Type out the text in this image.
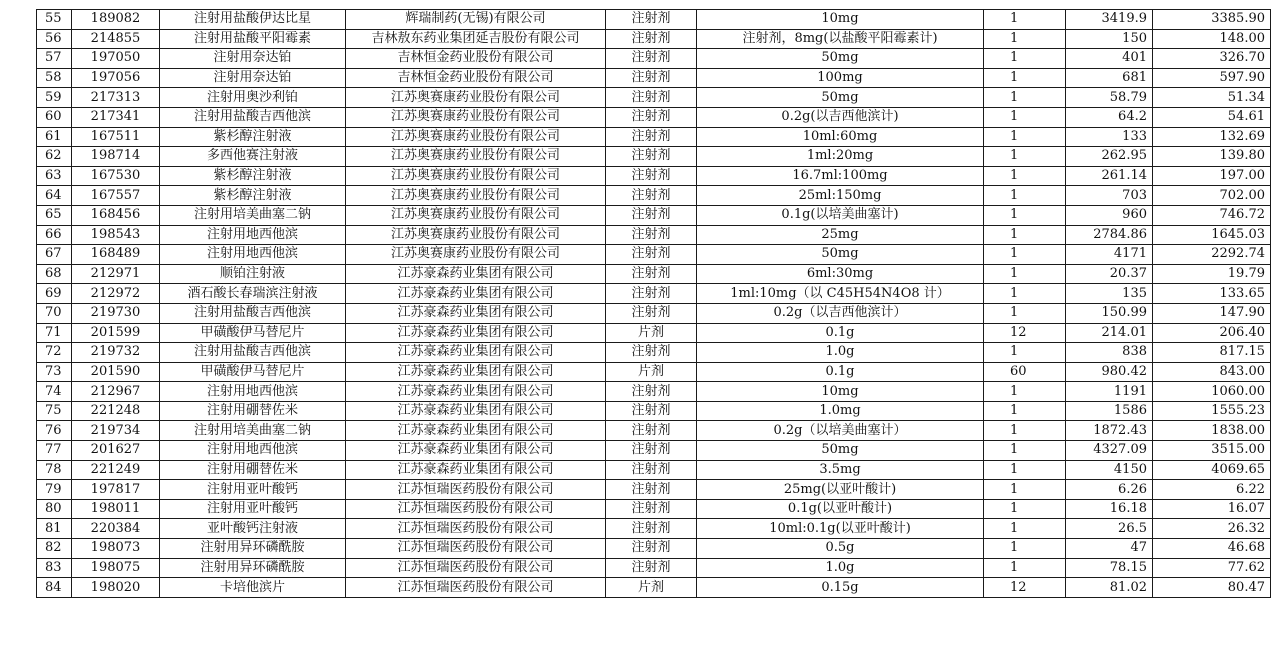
55	189082	注射用盐酸伊达比星	辉瑞制药(无锡)有限公司	注射剂	10mg	1	3419.9	3385.90
56	214855	注射用盐酸平阳霉素	吉林敖东药业集团延吉股份有限公司	注射剂	注射剂，8mg(以盐酸平阳霉素计)	1	150	148.00
57	197050	注射用奈达铂	吉林恒金药业股份有限公司	注射剂	50mg	1	401	326.70
58	197056	注射用奈达铂	吉林恒金药业股份有限公司	注射剂	100mg	1	681	597.90
59	217313	注射用奥沙利铂	江苏奥赛康药业股份有限公司	注射剂	50mg	1	58.79	51.34
60	217341	注射用盐酸吉西他滨	江苏奥赛康药业股份有限公司	注射剂	0.2g(以吉西他滨计)	1	64.2	54.61
61	167511	紫杉醇注射液	江苏奥赛康药业股份有限公司	注射剂	10ml:60mg	1	133	132.69
62	198714	多西他赛注射液	江苏奥赛康药业股份有限公司	注射剂	1ml:20mg	1	262.95	139.80
63	167530	紫杉醇注射液	江苏奥赛康药业股份有限公司	注射剂	16.7ml:100mg	1	261.14	197.00
64	167557	紫杉醇注射液	江苏奥赛康药业股份有限公司	注射剂	25ml:150mg	1	703	702.00
65	168456	注射用培美曲塞二钠	江苏奥赛康药业股份有限公司	注射剂	0.1g(以培美曲塞计)	1	960	746.72
66	198543	注射用地西他滨	江苏奥赛康药业股份有限公司	注射剂	25mg	1	2784.86	1645.03
67	168489	注射用地西他滨	江苏奥赛康药业股份有限公司	注射剂	50mg	1	4171	2292.74
68	212971	顺铂注射液	江苏豪森药业集团有限公司	注射剂	6ml:30mg	1	20.37	19.79
69	212972	酒石酸长春瑞滨注射液	江苏豪森药业集团有限公司	注射剂	1ml:10mg（以 C45H54N4O8 计）	1	135	133.65
70	219730	注射用盐酸吉西他滨	江苏豪森药业集团有限公司	注射剂	0.2g（以吉西他滨计）	1	150.99	147.90
71	201599	甲磺酸伊马替尼片	江苏豪森药业集团有限公司	片剂	0.1g	12	214.01	206.40
72	219732	注射用盐酸吉西他滨	江苏豪森药业集团有限公司	注射剂	1.0g	1	838	817.15
73	201590	甲磺酸伊马替尼片	江苏豪森药业集团有限公司	片剂	0.1g	60	980.42	843.00
74	212967	注射用地西他滨	江苏豪森药业集团有限公司	注射剂	10mg	1	1191	1060.00
75	221248	注射用硼替佐米	江苏豪森药业集团有限公司	注射剂	1.0mg	1	1586	1555.23
76	219734	注射用培美曲塞二钠	江苏豪森药业集团有限公司	注射剂	0.2g（以培美曲塞计）	1	1872.43	1838.00
77	201627	注射用地西他滨	江苏豪森药业集团有限公司	注射剂	50mg	1	4327.09	3515.00
78	221249	注射用硼替佐米	江苏豪森药业集团有限公司	注射剂	3.5mg	1	4150	4069.65
79	197817	注射用亚叶酸钙	江苏恒瑞医药股份有限公司	注射剂	25mg(以亚叶酸计)	1	6.26	6.22
80	198011	注射用亚叶酸钙	江苏恒瑞医药股份有限公司	注射剂	0.1g(以亚叶酸计)	1	16.18	16.07
81	220384	亚叶酸钙注射液	江苏恒瑞医药股份有限公司	注射剂	10ml:0.1g(以亚叶酸计)	1	26.5	26.32
82	198073	注射用异环磷酰胺	江苏恒瑞医药股份有限公司	注射剂	0.5g	1	47	46.68
83	198075	注射用异环磷酰胺	江苏恒瑞医药股份有限公司	注射剂	1.0g	1	78.15	77.62
84	198020	卡培他滨片	江苏恒瑞医药股份有限公司	片剂	0.15g	12	81.02	80.47
